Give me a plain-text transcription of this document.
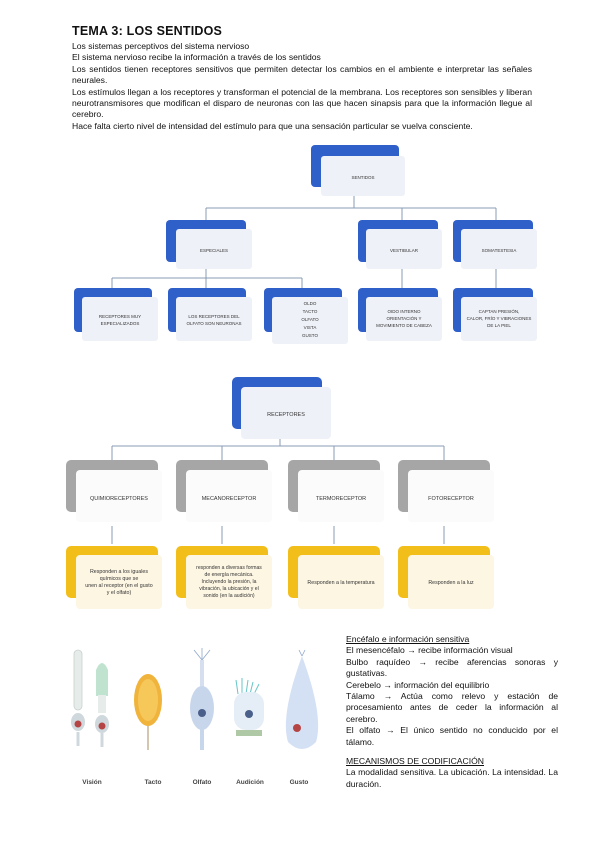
TEMA 3: LOS SENTIDOS

Los sistemas perceptivos del sistema nervioso

El sistema nervioso recibe la información a través de los sentidos

Los sentidos tienen receptores sensitivos que permiten detectar los cambios en el ambiente e interpretar las señales neurales.

Los estímulos llegan a los receptores y transforman el potencial de la membrana. Los receptores son sensibles y liberan neurotransmisores que modifican el disparo de neuronas con las que hacen sinapsis para que la información llegue al cerebro.

Hace falta cierto nivel de intensidad del estímulo para que una sensación particular se vuelva consciente.

SENTIDOS
ESPECIALES	VESTIBULAR	SOMATESTESIA
RECEPTORES MUY
ESPECIALIZADOS
LOS RECEPTORES DEL
OLFATO SON NEURONAS
OLDO
TACTO
OLFATO
VISTA
GUSTO
OIDO INTERNO
ORIENTACIÓN Y
MOVIMIENTO DE CABEZA
CAPTAN PRESIÓN,
CALOR, FRÍO Y VIBRACIONES
DE LA PIEL
RECEPTORES
QUIMIORECEPTORES	MECANORECEPTOR	TERMORECEPTOR	FOTORECEPTOR
Responden a los iguales
químicos que se
unen al receptor (en el gusto
y el olfato)
responden a diversas formas
de energía mecánica.
Incluyendo la presión, la
vibración, la ubicación y el
sonido (en la audición)
Responden a la temperatura	Responden a la luz
Visión	Tacto	Olfato	Audición	Gusto

Encéfalo e información sensitiva

El mesencéfalo → recibe información visual

Bulbo raquídeo → recibe aferencias sonoras y gustativas.

Cerebelo → información del equilibrio

Tálamo → Actúa como relevo y estación de procesamiento antes de ceder la información al cerebro.

El olfato → El único sentido no conducido por el tálamo.

MECANISMOS DE CODIFICACIÓN

La modalidad sensitiva. La ubicación. La intensidad. La duración.
